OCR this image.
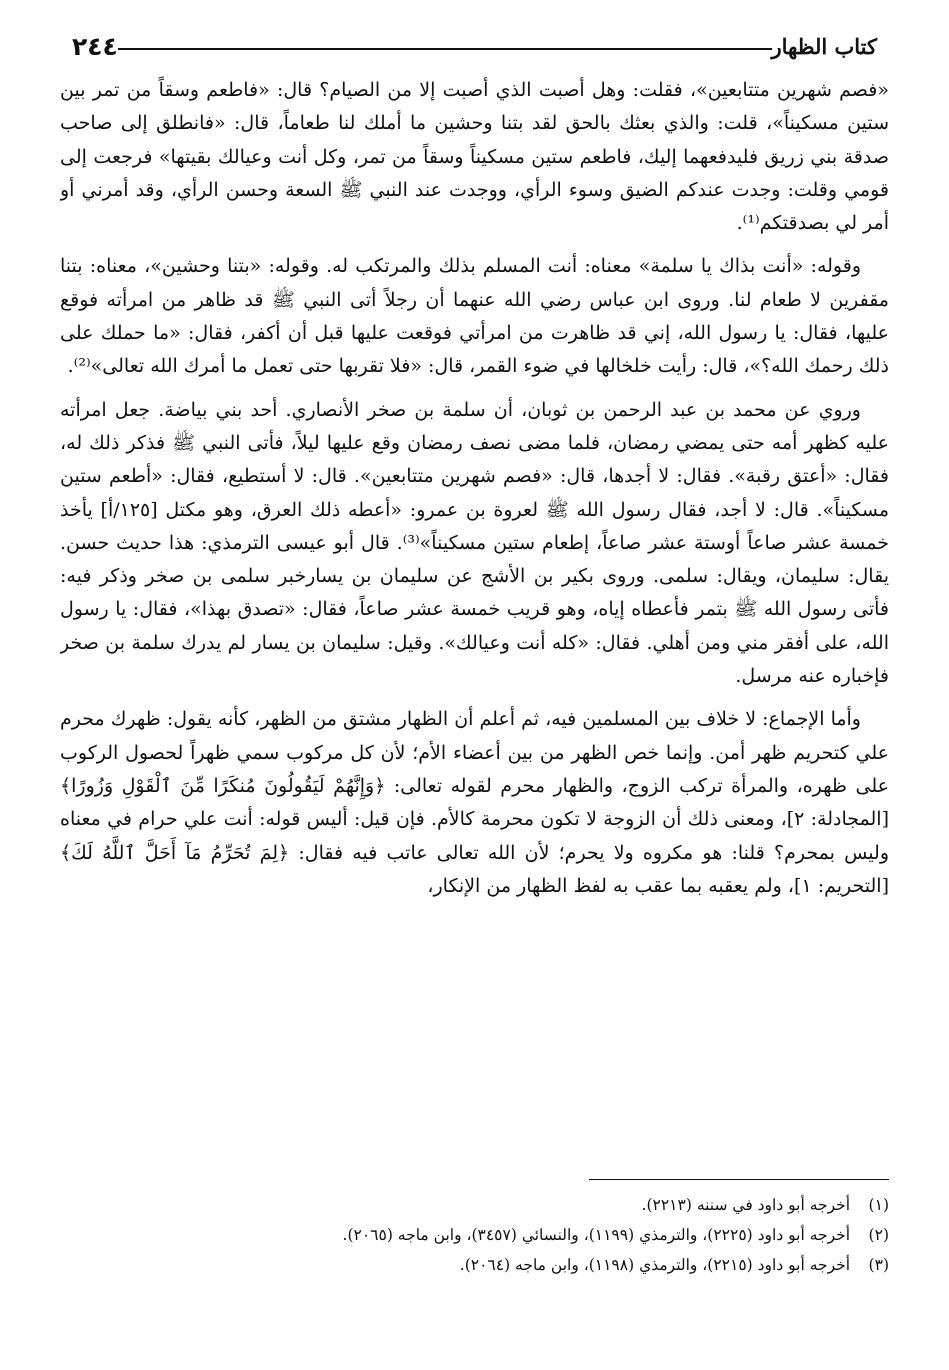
كتاب الظهار
٢٤٤

«فصم شهرين متتابعين»، فقلت: وهل أصبت الذي أصبت إلا من الصيام؟ قال: «فاطعم وسقاً من تمر بين ستين مسكيناً»، قلت: والذي بعثك بالحق لقد بتنا وحشين ما أملك لنا طعاماً، قال: «فانطلق إلى صاحب صدقة بني زريق فليدفعهما إليك، فاطعم ستين مسكيناً وسقاً من تمر، وكل أنت وعيالك بقيتها» فرجعت إلى قومي وقلت: وجدت عندكم الضيق وسوء الرأي، ووجدت عند النبي ﷺ السعة وحسن الرأي، وقد أمرني أو أمر لي بصدقتكم⁽¹⁾.

وقوله: «أنت بذاك يا سلمة» معناه: أنت المسلم بذلك والمرتكب له. وقوله: «بتنا وحشين»، معناه: بتنا مقفرين لا طعام لنا. وروى ابن عباس رضي الله عنهما أن رجلاً أتى النبي ﷺ قد ظاهر من امرأته فوقع عليها، فقال: يا رسول الله، إني قد ظاهرت من امرأتي فوقعت عليها قبل أن أكفر، فقال: «ما حملك على ذلك رحمك الله؟»، قال: رأيت خلخالها في ضوء القمر، قال: «فلا تقربها حتى تعمل ما أمرك الله تعالى»⁽²⁾.

وروي عن محمد بن عبد الرحمن بن ثوبان، أن سلمة بن صخر الأنصاري. أحد بني بياضة. جعل امرأته عليه كظهر أمه حتى يمضي رمضان، فلما مضى نصف رمضان وقع عليها ليلاً، فأتى النبي ﷺ فذكر ذلك له، فقال: «أعتق رقبة». فقال: لا أجدها، قال: «فصم شهرين متتابعين». قال: لا أستطيع، فقال: «أطعم ستين مسكيناً». قال: لا أجد، فقال رسول الله ﷺ لعروة بن عمرو: «أعطه ذلك العرق، وهو مكتل [١٢٥/أ] يأخذ خمسة عشر صاعاً أوستة عشر صاعاً، إطعام ستين مسكيناً»⁽³⁾. قال أبو عيسى الترمذي: هذا حديث حسن. يقال: سليمان، ويقال: سلمى. وروى بكير بن الأشج عن سليمان بن يسارخبر سلمى بن صخر وذكر فيه: فأتى رسول الله ﷺ بتمر فأعطاه إياه، وهو قريب خمسة عشر صاعاً، فقال: «تصدق بهذا»، فقال: يا رسول الله، على أفقر مني ومن أهلي. فقال: «كله أنت وعيالك». وقيل: سليمان بن يسار لم يدرك سلمة بن صخر فإخباره عنه مرسل.

وأما الإجماع: لا خلاف بين المسلمين فيه، ثم أعلم أن الظهار مشتق من الظهر، كأنه يقول: ظهرك محرم علي كتحريم ظهر أمن. وإنما خص الظهر من بين أعضاء الأم؛ لأن كل مركوب سمي ظهراً لحصول الركوب على ظهره، والمرأة تركب الزوج، والظهار محرم لقوله تعالى: ﴿وَإِنَّهُمْ لَيَقُولُونَ مُنكَرًا مِّنَ ٱلْقَوْلِ وَزُورًا﴾ [المجادلة: ٢]، ومعنى ذلك أن الزوجة لا تكون محرمة كالأم. فإن قيل: أليس قوله: أنت علي حرام في معناه وليس بمحرم؟ قلنا: هو مكروه ولا يحرم؛ لأن الله تعالى عاتب فيه فقال: ﴿لِمَ تُحَرِّمُ مَآ أَحَلَّ ٱللَّهُ لَكَ﴾ [التحريم: ١]، ولم يعقبه بما عقب به لفظ الظهار من الإنكار،

(١) أخرجه أبو داود في سننه (٢٢١٣).
(٢) أخرجه أبو داود (٢٢٢٥)، والترمذي (١١٩٩)، والنسائي (٣٤٥٧)، وابن ماجه (٢٠٦٥).
(٣) أخرجه أبو داود (٢٢١٥)، والترمذي (١١٩٨)، وابن ماجه (٢٠٦٤).
